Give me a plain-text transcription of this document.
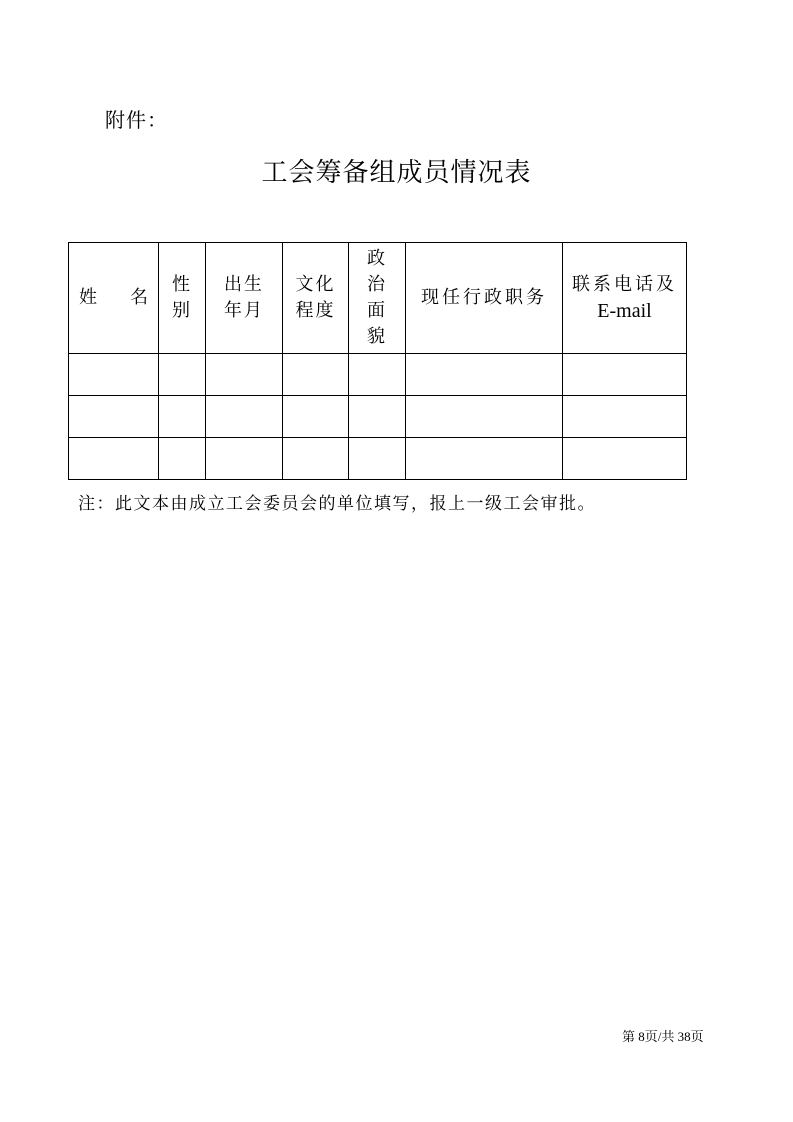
附件：
工会筹备组成员情况表
姓 名	性别	出生年月	文化程度	政治面貌	现任行政职务	联系电话及
E-mail

注：此文本由成立工会委员会的单位填写，报上一级工会审批。
第 8页/共 38页
